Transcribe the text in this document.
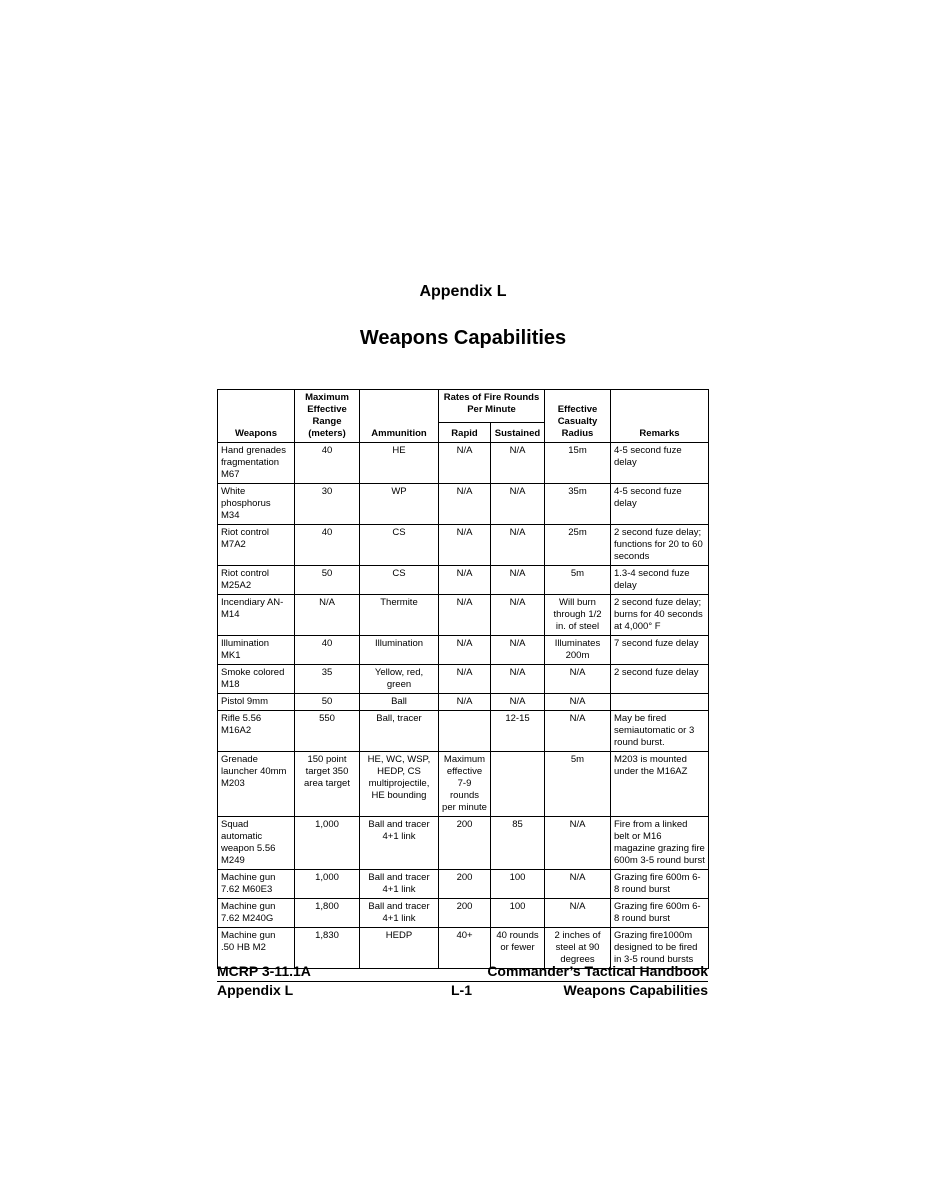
Appendix L
Weapons Capabilities
Weapons	Maximum Effective Range (meters)	Ammunition	Rates of Fire Rounds Per Minute		Effective Casualty Radius	Remarks
			Rapid	Sustained		
Hand grenades fragmentation M67	40	HE	N/A	N/A	15m	4-5 second fuze delay
White phosphorus M34	30	WP	N/A	N/A	35m	4-5 second fuze delay
Riot control M7A2	40	CS	N/A	N/A	25m	2 second fuze delay; functions for 20 to 60 seconds
Riot control M25A2	50	CS	N/A	N/A	5m	1.3-4 second fuze delay
Incendiary AN-M14	N/A	Thermite	N/A	N/A	Will burn through 1/2 in. of steel	2 second fuze delay; burns for 40 seconds at 4,000° F
Illumination MK1	40	Illumination	N/A	N/A	Illuminates 200m	7 second fuze delay
Smoke colored M18	35	Yellow, red, green	N/A	N/A	N/A	2 second fuze delay
Pistol 9mm	50	Ball	N/A	N/A	N/A	
Rifle 5.56 M16A2	550	Ball, tracer		12-15	N/A	May be fired semiautomatic or 3 round burst.
Grenade launcher 40mm M203	150 point target 350 area target	HE, WC, WSP, HEDP, CS multiprojectile, HE bounding	Maximum effective 7-9 rounds per minute		5m	M203 is mounted under the M16AZ
Squad automatic weapon 5.56 M249	1,000	Ball and tracer 4+1 link	200	85	N/A	Fire from a linked belt or M16 magazine grazing fire 600m 3-5 round burst
Machine gun 7.62 M60E3	1,000	Ball and tracer 4+1 link	200	100	N/A	Grazing fire 600m 6-8 round burst
Machine gun 7.62 M240G	1,800	Ball and tracer 4+1 link	200	100	N/A	Grazing fire 600m 6-8 round burst
Machine gun .50 HB M2	1,830	HEDP	40+	40 rounds or fewer	2 inches of steel at 90 degrees	Grazing fire1000m designed to be fired in 3-5 round bursts
MCRP 3-11.1A	Commander’s Tactical Handbook
Appendix L	L-1	Weapons Capabilities
